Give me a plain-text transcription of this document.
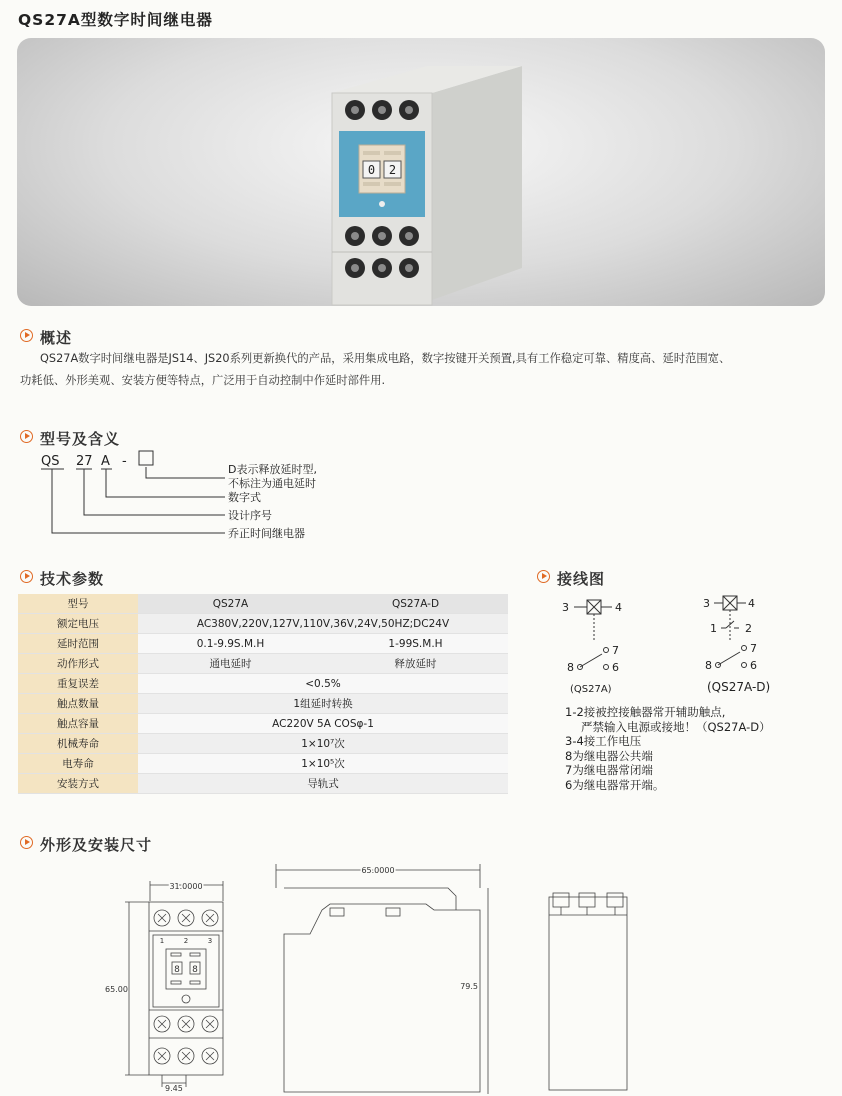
QS27A型数字时间继电器
0 2
概述
QS27A数字时间继电器是JS14、JS20系列更新换代的产品，采用集成电路，数字按键开关预置,具有工作稳定可靠、精度高、延时范围宽、
功耗低、外形美观、安装方便等特点，广泛用于自动控制中作延时部件用.
型号及含义
QS 27 A -
D表示释放延时型,
不标注为通电延时
数字式
设计序号
乔正时间继电器
技术参数
型号	QS27A	QS27A-D
额定电压	AC380V,220V,127V,110V,36V,24V,50HZ;DC24V	
延时范围	0.1-9.9S.M.H	1-99S.M.H
动作形式	通电延时	释放延时
重复误差	<0.5%	
触点数量	1组延时转换	
触点容量	AC220V 5A COSφ-1	
机械寿命	1×10⁷次	
电寿命	1×10⁵次	
安装方式	导轨式	
接线图
3	4
7
8	6
(QS27A)
3	4
1	2
7
8	6
(QS27A-D)
1-2接被控接触器常开辅助触点,
严禁输入电源或接地！（QS27A-D）
3-4接工作电压
8为继电器公共端
7为继电器常闭端
6为继电器常开端。
外形及安装尺寸
31.0000
65.00
9.45
1	2	3
8 8
65.0000
79.5
